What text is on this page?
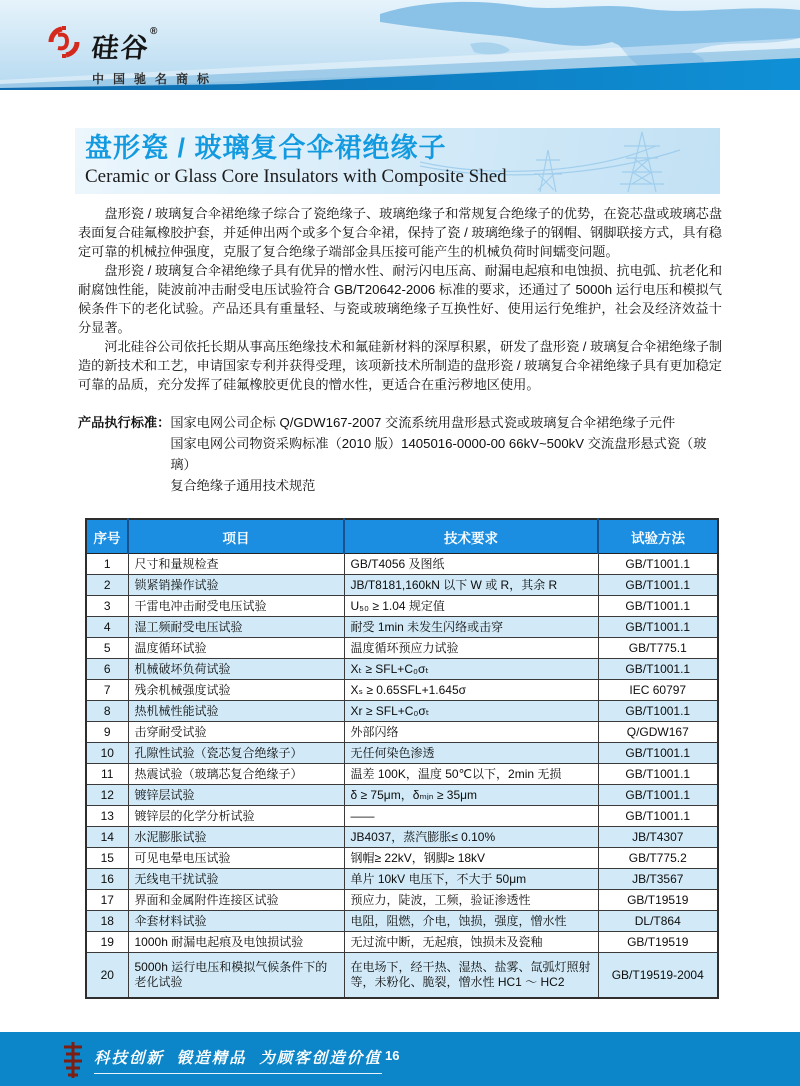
硅谷®
中国驰名商标
盘形瓷 / 玻璃复合伞裙绝缘子
Ceramic or Glass Core Insulators with Composite Shed

盘形瓷 / 玻璃复合伞裙绝缘子综合了瓷绝缘子、玻璃绝缘子和常规复合绝缘子的优势，在瓷芯盘或玻璃芯盘表面复合硅氟橡胶护套，并延伸出两个或多个复合伞裙，保持了瓷 / 玻璃绝缘子的钢帽、钢脚联接方式，具有稳定可靠的机械拉伸强度，克服了复合绝缘子端部金具压接可能产生的机械负荷时间蠕变问题。

盘形瓷 / 玻璃复合伞裙绝缘子具有优异的憎水性、耐污闪电压高、耐漏电起痕和电蚀损、抗电弧、抗老化和耐腐蚀性能，陡波前冲击耐受电压试验符合 GB/T20642-2006 标准的要求，还通过了 5000h 运行电压和模拟气候条件下的老化试验。产品还具有重量轻、与瓷或玻璃绝缘子互换性好、使用运行免维护，社会及经济效益十分显著。

河北硅谷公司依托长期从事高压绝缘技术和氟硅新材料的深厚积累，研发了盘形瓷 / 玻璃复合伞裙绝缘子制造的新技术和工艺，申请国家专利并获得受理，该项新技术所制造的盘形瓷 / 玻璃复合伞裙绝缘子具有更加稳定可靠的品质，充分发挥了硅氟橡胶更优良的憎水性，更适合在重污秽地区使用。

产品执行标准： 国家电网公司企标 Q/GDW167-2007 交流系统用盘形悬式瓷或玻璃复合伞裙绝缘子元件

国家电网公司物资采购标准（2010 版）1405016-0000-00 66kV~500kV 交流盘形悬式瓷（玻璃）

复合绝缘子通用技术规范

序号	项目	技术要求	试验方法
1	尺寸和量规检查	GB/T4056 及图纸	GB/T1001.1
2	锁紧销操作试验	JB/T8181,160kN 以下 W 或 R，其余 R	GB/T1001.1
3	干雷电冲击耐受电压试验	U₅₀ ≥ 1.04 规定值	GB/T1001.1
4	湿工频耐受电压试验	耐受 1min 未发生闪络或击穿	GB/T1001.1
5	温度循环试验	温度循环预应力试验	GB/T775.1
6	机械破坏负荷试验	Xₜ ≥ SFL+C₀σₜ	GB/T1001.1
7	残余机械强度试验	Xₛ ≥ 0.65SFL+1.645σ	IEC 60797
8	热机械性能试验	Xr ≥ SFL+C₀σₜ	GB/T1001.1
9	击穿耐受试验	外部闪络	Q/GDW167
10	孔隙性试验（瓷芯复合绝缘子）	无任何染色渗透	GB/T1001.1
11	热震试验（玻璃芯复合绝缘子）	温差 100K，温度 50℃以下，2min 无损	GB/T1001.1
12	镀锌层试验	δ ≥ 75μm，δₘᵢₙ ≥ 35μm	GB/T1001.1
13	镀锌层的化学分析试验	——	GB/T1001.1
14	水泥膨胀试验	JB4037，蒸汽膨胀≤ 0.10%	JB/T4307
15	可见电晕电压试验	钢帽≥ 22kV，钢脚≥ 18kV	GB/T775.2
16	无线电干扰试验	单片 10kV 电压下，不大于 50μm	JB/T3567
17	界面和金属附件连接区试验	预应力，陡波，工频，验证渗透性	GB/T19519
18	伞套材料试验	电阻，阻燃，介电，蚀损，强度，憎水性	DL/T864
19	1000h 耐漏电起痕及电蚀损试验	无过流中断，无起痕，蚀损未及瓷釉	GB/T19519
20	5000h 运行电压和模拟气候条件下的老化试验	在电场下，经干热、湿热、盐雾、氙弧灯照射等，未粉化、脆裂，憎水性 HC1 ～ HC2	GB/T19519-2004
科技创新  锻造精品  为顾客创造价值 16
